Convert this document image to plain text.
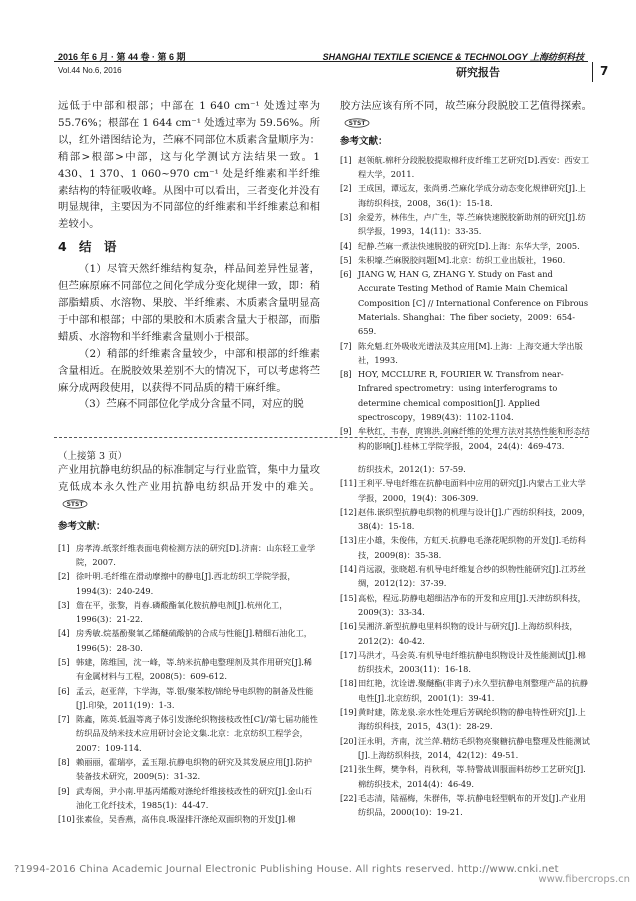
2016 年 6 月 · 第 44 卷 · 第 6 期
Vol.44 No.6, 2016
SHANGHAI TEXTILE SCIENCE & TECHNOLOGY 上海纺织科技
研究报告	7

远低于中部和根部；中部在 1 640 cm⁻¹ 处透过率为 55.76%；根部在 1 644 cm⁻¹ 处透过率为 59.56%。所以，红外谱图结论为，苎麻不同部位木质素含量顺序为：稍部>根部>中部，这与化学测试方法结果一致。1 430、1 370、1 060~970 cm⁻¹ 处是纤维素和半纤维素结构的特征吸收峰。从图中可以看出，三者变化并没有明显规律，主要因为不同部位的纤维素和半纤维素总和相差较小。

4 结 语

（1）尽管天然纤维结构复杂，样品间差异性显著，但苎麻原麻不同部位之间化学成分变化规律一致，即：稍部脂蜡质、水溶物、果胶、半纤维素、木质素含量明显高于中部和根部；中部的果胶和木质素含量大于根部，而脂蜡质、水溶物和半纤维素含量则小于根部。

（2）稍部的纤维素含量较少，中部和根部的纤维素含量相近。在脱胶效果差别不大的情况下，可以考虑将苎麻分成两段使用，以获得不同品质的精干麻纤维。

（3）苎麻不同部位化学成分含量不同，对应的脱

胶方法应该有所不同，故苎麻分段脱胶工艺值得探索。
STST

参考文献：
[1] 赵领航.棉秆分段脱胶提取棉秆皮纤维工艺研究[D].西安：西安工程大学，2011.
[2] 王成国，谭远友，张尚勇.苎麻化学成分动态变化规律研究[J].上海纺织科技，2008，36(1)：15-18.
[3] 余爱芳，林伟生，卢广生，等.苎麻快速脱胶新助剂的研究[J].纺织学报，1993，14(11)：33-35.
[4] 纪静.苎麻一煮法快速脱胶的研究[D].上海：东华大学，2005.
[5] 朱积壕.苎麻脱胶问题[M].北京：纺织工业出版社，1960.
[6] JIANG W, HAN G, ZHANG Y. Study on Fast and Accurate Testing Method of Ramie Main Chemical Composition [C] // International Conference on Fibrous Materials. Shanghai：The fiber society，2009：654-659.
[7] 陈允魁.红外吸收光谱法及其应用[M].上海：上海交通大学出版社，1993.
[8] HOY, MCCLURE R, FOURIER W. Transfrom near-Infrared spectrometry：using interferograms to determine chemical composition[J]. Applied spectroscopy，1989(43)：1102-1104.
[9] 牟秋红，韦春，庹锦洪.剑麻纤维的处理方法对其热性能和形态结构的影响[J].桂林工学院学报，2004，24(4)：469-473.
（上接第 3 页）

产业用抗静电纺织品的标准制定与行业监管，集中力量攻克低成本永久性产业用抗静电纺织品开发中的难关。
STST

参考文献：
[1] 房孝涛.纸浆纤维表面电荷检测方法的研究[D].济南：山东轻工业学院，2007.
[2] 徐叶明.毛纤维在滑动摩擦中的静电[J].西北纺织工学院学报，1994(3)：240-249.
[3] 詹在平，张黎，肖春.磷酸酯氧化胺抗静电剂[J].杭州化工，1996(3)：21-22.
[4] 房秀敏.烷基酚聚氧乙烯醚硫酸钠的合成与性能[J].精细石油化工，1996(5)：28-30.
[5] 韩建，陈维国，沈一峰，等.纳米抗静电整理剂及其作用研究[J].稀有金属材料与工程，2008(5)：609-612.
[6] 孟云，赵亚萍，卞学海，等.银/聚苯胺/锦纶导电织物的制备及性能[J].印染，2011(19)：1-3.
[7] 陈鑫，陈英.低温等离子体引发涤纶织物接枝改性[C]//第七届功能性纺织品及纳米技术应用研讨会论文集.北京：北京纺织工程学会，2007：109-114.
[8] 赖丽丽，霍瑞亭，孟玉翔.抗静电织物的研究及其发展应用[J].防护装备技术研究，2009(5)：31-32.
[9] 武寿阁，尹小南.甲基丙烯酸对涤纶纤维接枝改性的研究[J].金山石油化工化纤技术，1985(1)：44-47.
[10] 张素俭，吴香燕，高伟良.吸湿排汗涤纶双面织物的开发[J].棉
纺织技术，2012(1)：57-59.
[11] 王利平.导电纤维在抗静电面料中应用的研究[J].内蒙古工业大学学报，2000，19(4)：306-309.
[12] 赵伟.嵌织型抗静电织物的机理与设计[J].广西纺织科技，2009，38(4)：15-18.
[13] 庄小雄，朱俊伟，方虹天.抗静电毛涤花呢织物的开发[J].毛纺科技，2009(8)：35-38.
[14] 肖远淑，张晓超.有机导电纤维复合纱的织物性能研究[J].江苏丝绸，2012(12)：37-39.
[15] 高松，程远.防静电超细洁净布的开发和应用[J].天津纺织科技，2009(3)：33-34.
[16] 吴湘济.新型抗静电里料织物的设计与研究[J].上海纺织科技，2012(2)：40-42.
[17] 马洪才，马会英.有机导电纤维抗静电织物设计及性能测试[J].棉纺织技术，2003(11)：16-18.
[18] 田红艳，沈诠谱.聚醚酯(非离子)永久型抗静电剂整理产品的抗静电性[J].北京纺织，2001(1)：39-41.
[19] 黄时建，陈龙泉.亲水性处理后芳砜纶织物的静电特性研究[J].上海纺织科技，2015，43(1)：28-29.
[20] 汪永明，齐南，沈兰萍.精纺毛织物亮聚糖抗静电整理及性能测试[J].上海纺织科技，2014，42(12)：49-51.
[21] 张生辉，樊争科，肖秋利，等.特警战训服面料纺纱工艺研究[J].棉纺织技术，2014(4)：46-49.
[22] 毛志清，陆福梅，朱群伟，等.抗静电轻型帆布的开发[J].产业用纺织品，2000(10)：19-21.
?1994-2016 China Academic Journal Electronic Publishing House. All rights reserved. http://www.cnki.net
www.fibercrops.cn
